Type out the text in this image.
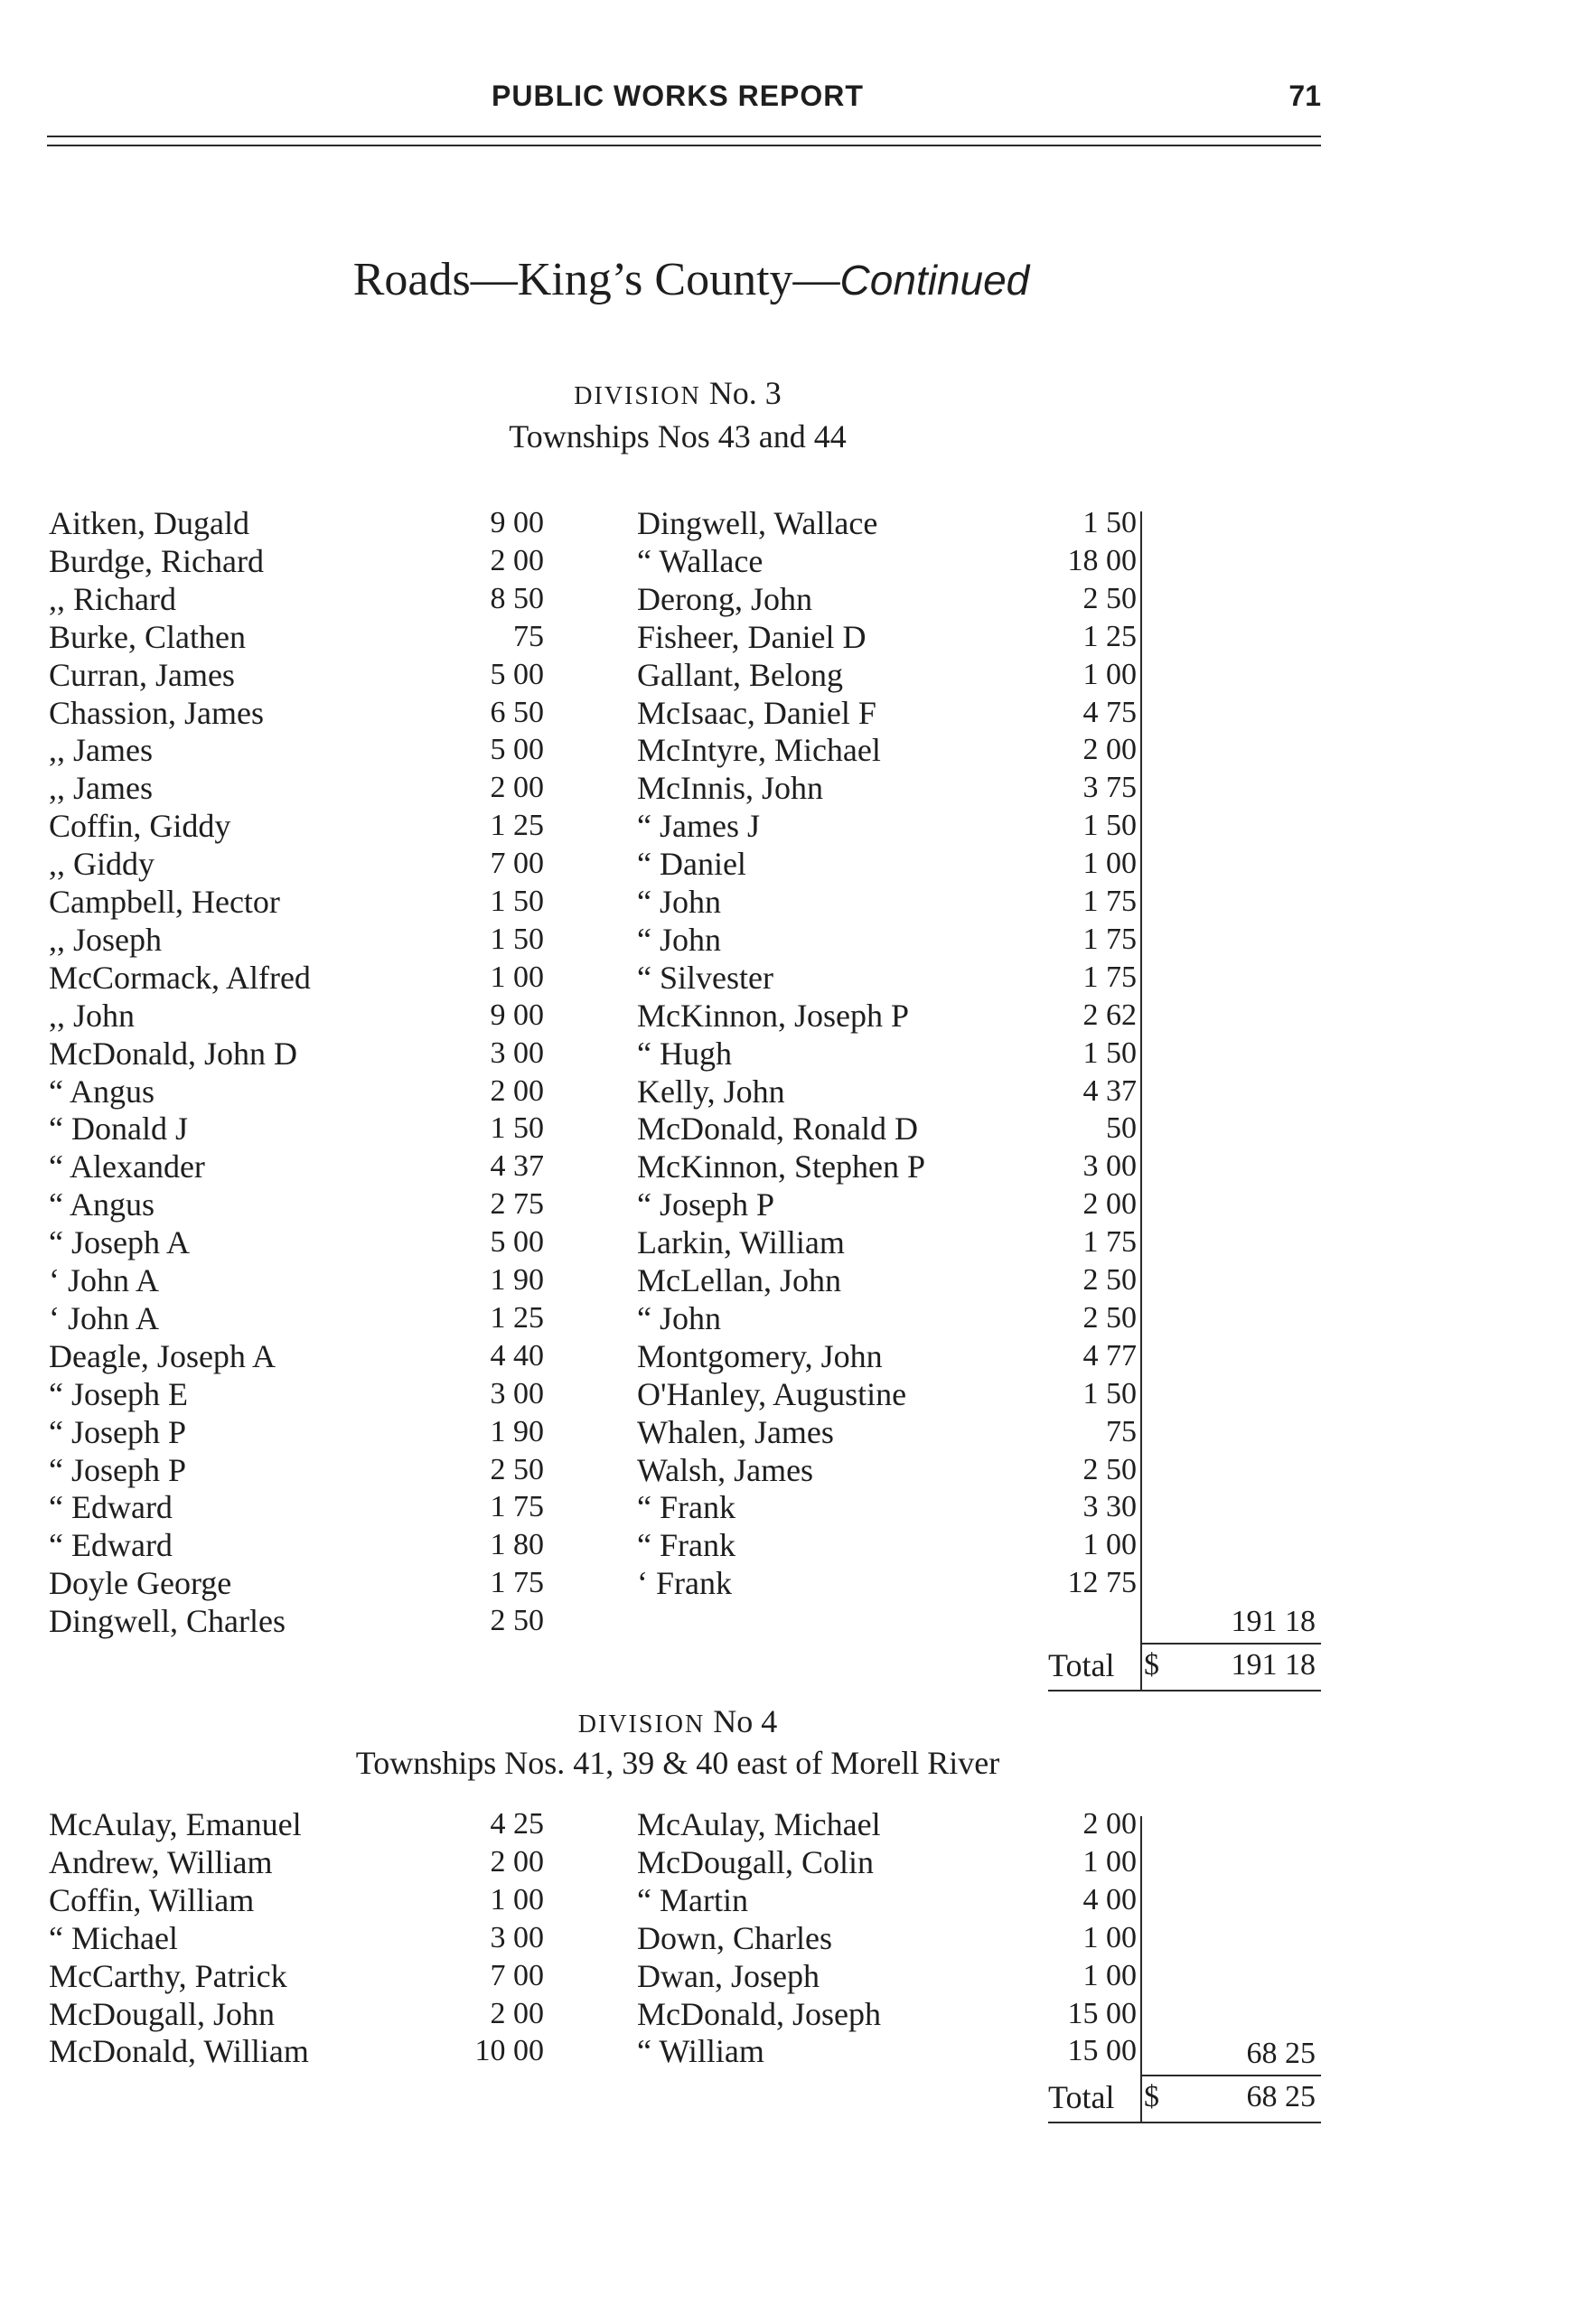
PUBLIC WORKS REPORT	71
Roads—King’s County—Continued
DIVISION No. 3
Townships Nos 43 and 44
Aitken, Dugald	9 00
Burdge, Richard	2 00
,, Richard	8 50
Burke, Clathen	75
Curran, James	5 00
Chassion, James	6 50
,, James	5 00
,, James	2 00
Coffin, Giddy	1 25
,, Giddy	7 00
Campbell, Hector	1 50
,, Joseph	1 50
McCormack, Alfred	1 00
,, John	9 00
McDonald, John D	3 00
“ Angus	2 00
“ Donald J	1 50
“ Alexander	4 37
“ Angus	2 75
“ Joseph A	5 00
‘ John A	1 90
‘ John A	1 25
Deagle, Joseph A	4 40
“ Joseph E	3 00
“ Joseph P	1 90
“ Joseph P	2 50
“ Edward	1 75
“ Edward	1 80
Doyle George	1 75
Dingwell, Charles	2 50
Dingwell, Wallace	1 50
“ Wallace	18 00
Derong, John	2 50
Fisheer, Daniel D	1 25
Gallant, Belong	1 00
McIsaac, Daniel F	4 75
McIntyre, Michael	2 00
McInnis, John	3 75
“ James J	1 50
“ Daniel	1 00
“ John	1 75
“ John	1 75
“ Silvester	1 75
McKinnon, Joseph P	2 62
“ Hugh	1 50
Kelly, John	4 37
McDonald, Ronald D	50
McKinnon, Stephen P	3 00
“ Joseph P	2 00
Larkin, William	1 75
McLellan, John	2 50
“ John	2 50
Montgomery, John	4 77
O'Hanley, Augustine	1 50
Whalen, James	75
Walsh, James	2 50
“ Frank	3 30
“ Frank	1 00
‘ Frank	12 75
191 18
Total $	191 18
DIVISION No 4
Townships Nos. 41, 39 & 40 east of Morell River
McAulay, Emanuel	4 25
Andrew, William	2 00
Coffin, William	1 00
“ Michael	3 00
McCarthy, Patrick	7 00
McDougall, John	2 00
McDonald, William	10 00
McAulay, Michael	2 00
McDougall, Colin	1 00
“ Martin	4 00
Down, Charles	1 00
Dwan, Joseph	1 00
McDonald, Joseph	15 00
“ William	15 00	68 25
Total $	68 25
